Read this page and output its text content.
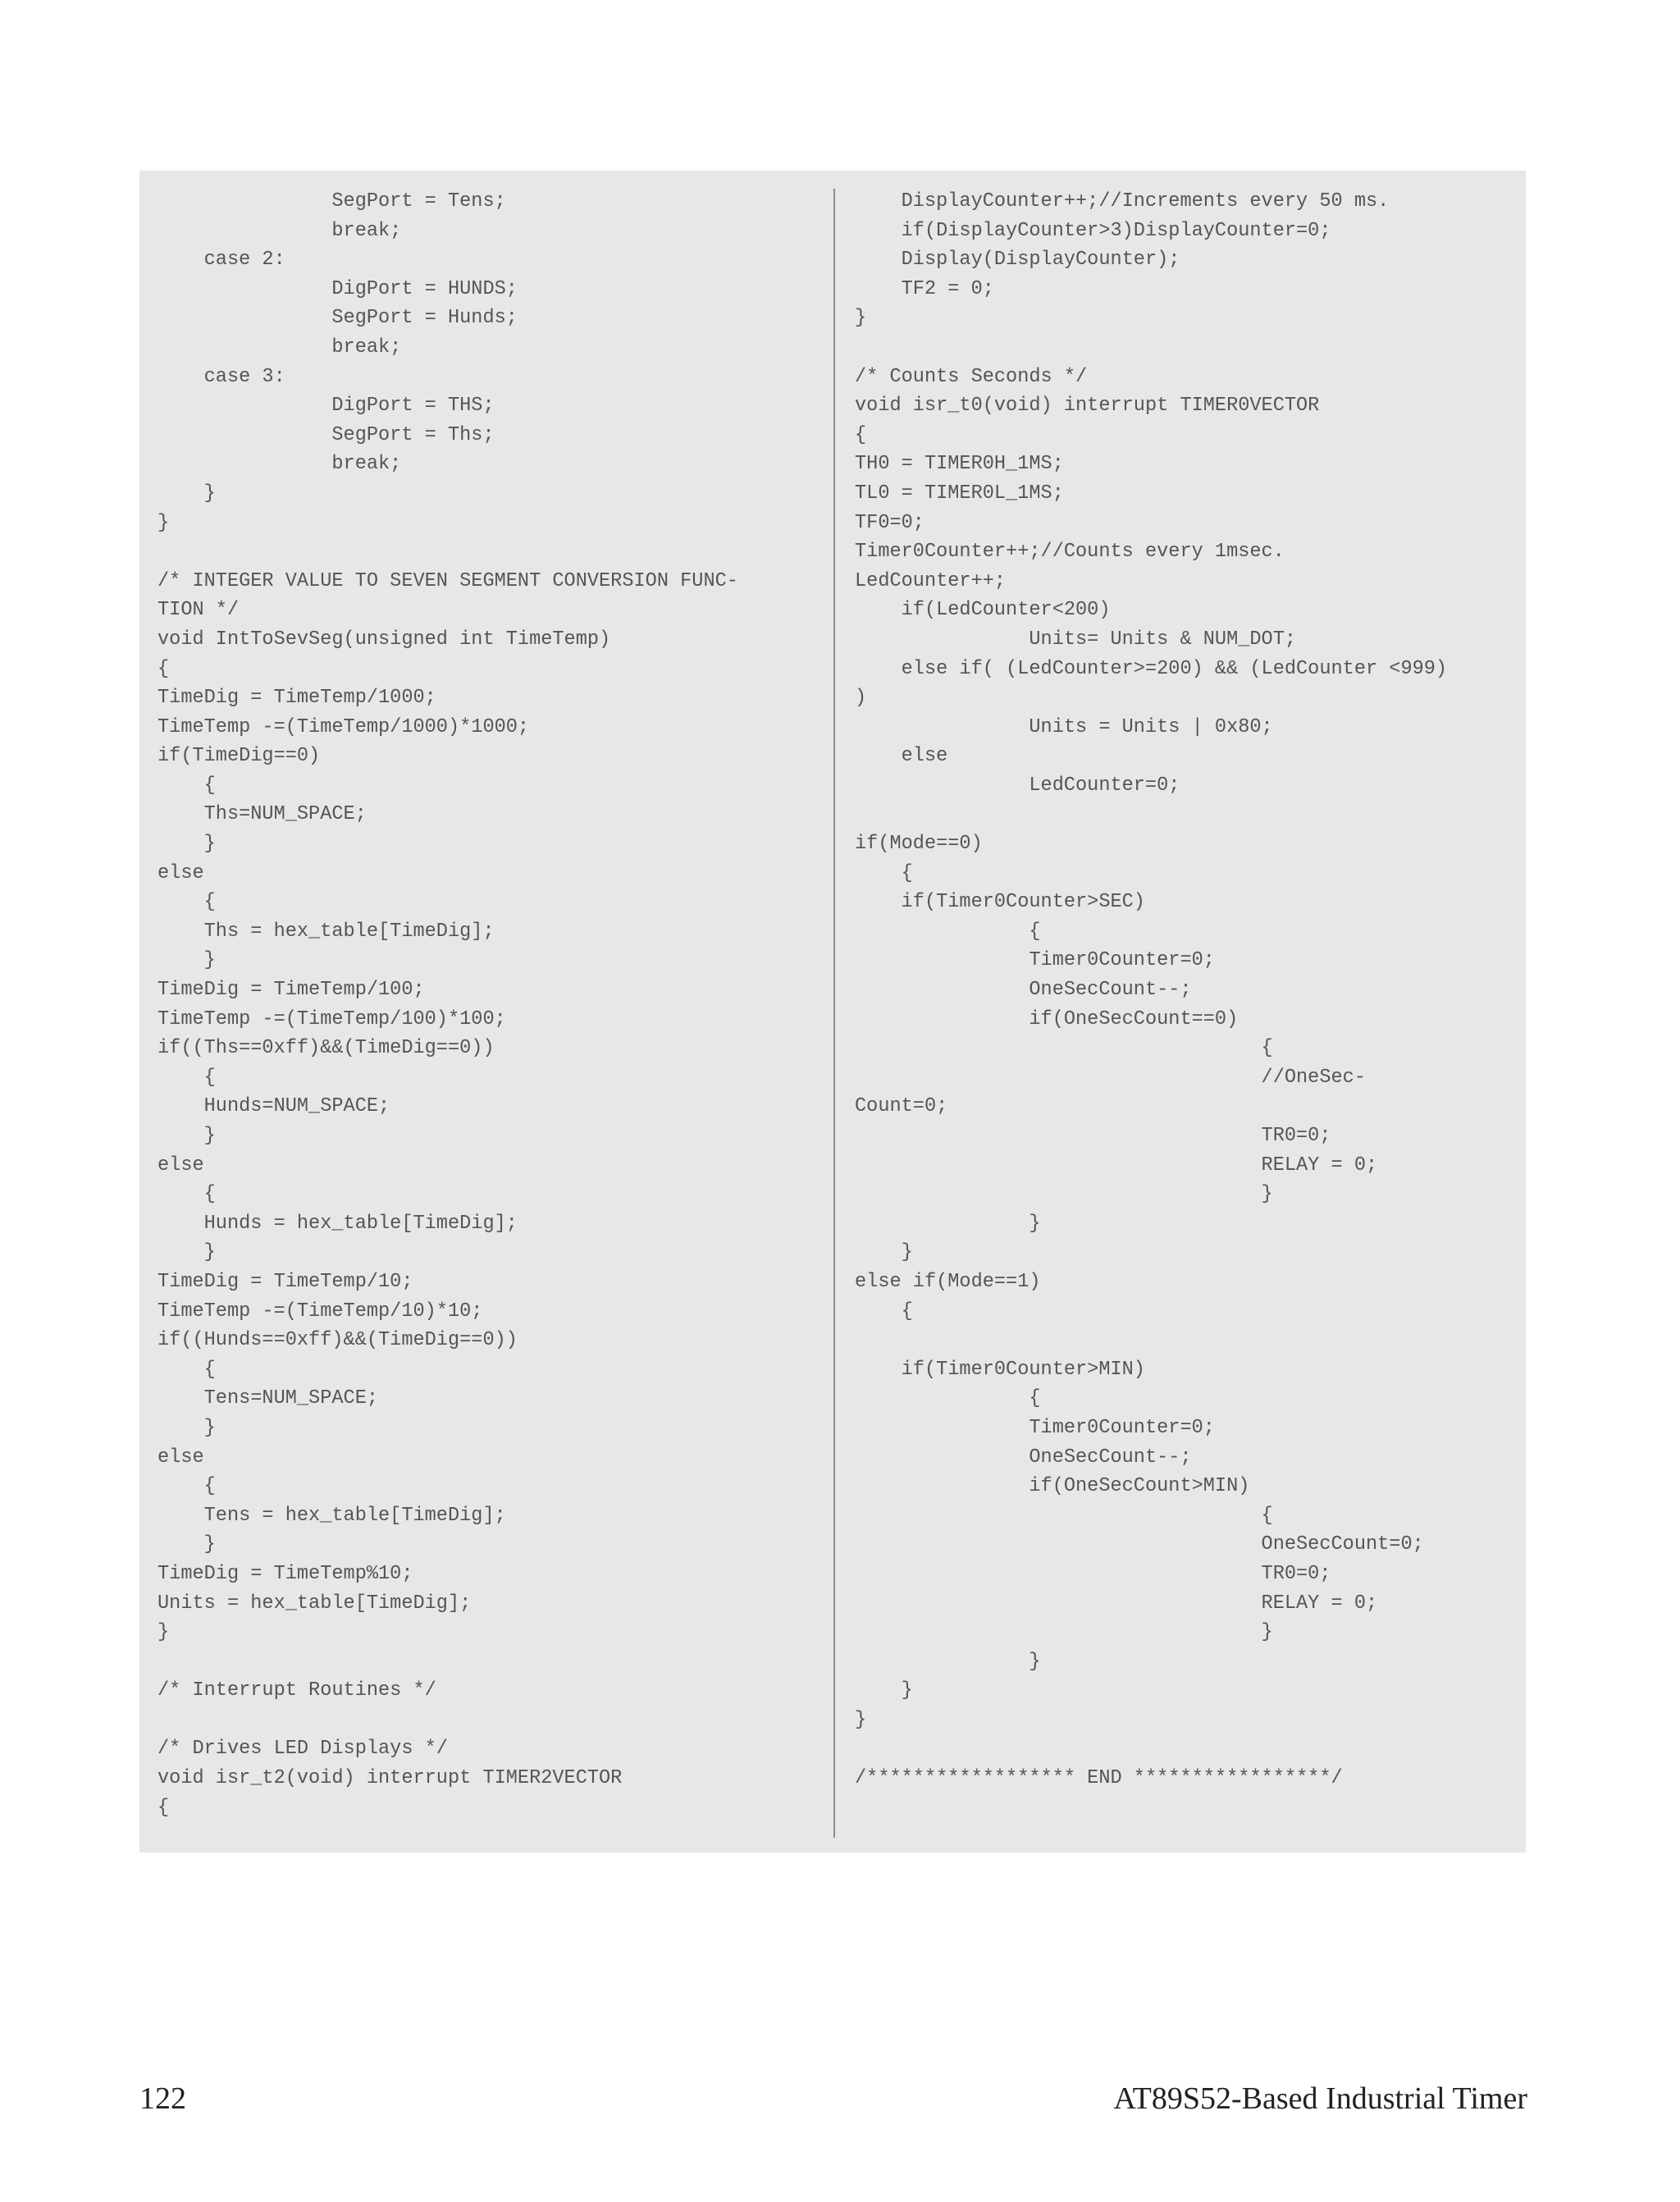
SegPort = Tens;
break;
case 2:
DigPort = HUNDS;
SegPort = Hunds;
break;
case 3:
DigPort = THS;
SegPort = Ths;
break;
}
}
/* INTEGER VALUE TO SEVEN SEGMENT CONVERSION FUNC-
TION */
void IntToSevSeg(unsigned int TimeTemp)
{
TimeDig = TimeTemp/1000;
TimeTemp -=(TimeTemp/1000)*1000;
if(TimeDig==0)
{
Ths=NUM_SPACE;
}
else
{
Ths = hex_table[TimeDig];
}
TimeDig = TimeTemp/100;
TimeTemp -=(TimeTemp/100)*100;
if((Ths==0xff)&&(TimeDig==0))
{
Hunds=NUM_SPACE;
}
else
{
Hunds = hex_table[TimeDig];
}
TimeDig = TimeTemp/10;
TimeTemp -=(TimeTemp/10)*10;
if((Hunds==0xff)&&(TimeDig==0))
{
Tens=NUM_SPACE;
}
else
{
Tens = hex_table[TimeDig];
}
TimeDig = TimeTemp%10;
Units = hex_table[TimeDig];
}
/* Interrupt Routines */
/* Drives LED Displays */
void isr_t2(void) interrupt TIMER2VECTOR
{
DisplayCounter++;//Increments every 50 ms.
if(DisplayCounter>3)DisplayCounter=0;
Display(DisplayCounter);
TF2 = 0;
}
/* Counts Seconds */
void isr_t0(void) interrupt TIMER0VECTOR
{
TH0 = TIMER0H_1MS;
TL0 = TIMER0L_1MS;
TF0=0;
Timer0Counter++;//Counts every 1msec.
LedCounter++;
if(LedCounter<200)
Units= Units & NUM_DOT;
else if( (LedCounter>=200) && (LedCounter <999)
)
Units = Units | 0x80;
else
LedCounter=0;
if(Mode==0)
{
if(Timer0Counter>SEC)
{
Timer0Counter=0;
OneSecCount--;
if(OneSecCount==0)
{
//OneSec-
Count=0;
TR0=0;
RELAY = 0;
}
}
}
else if(Mode==1)
{
if(Timer0Counter>MIN)
{
Timer0Counter=0;
OneSecCount--;
if(OneSecCount>MIN)
{
OneSecCount=0;
TR0=0;
RELAY = 0;
}
}
}
}
/****************** END *****************/
122	AT89S52-Based Industrial Timer
